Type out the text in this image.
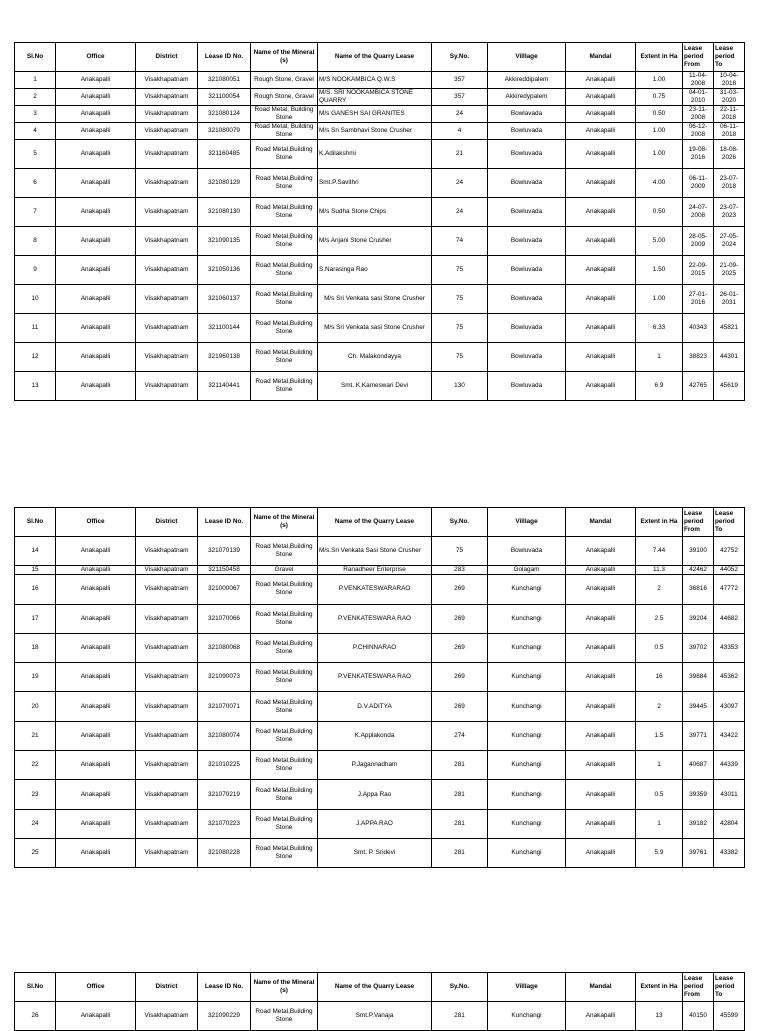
Sl.No	Office	District	Lease ID No.	Name of the Mineral (s)	Name of the Quarry Lease	Sy.No.	Villlage	Mandal	Extent in Ha	Lease period From	Lease period To
1	Anakapalli	Visakhapatnam	321080051	Rough Stone, Gravel	M/S NOOKAMBICA Q.W.S	357	Akkireddipalem	Anakapalli	1.00	11-04-2008	10-04-2018
2	Anakapalli	Visakhapatnam	321100054	Rough Stone, Gravel	M/S. SRI NOOKAMBICA STONE QUARRY	357	Akkiredypalem	Anakapalli	0.75	04-01-2010	31-03-2020
3	Anakapalli	Visakhapatnam	321080124	Road Metal, Building Stone	M/s GANESH SAI GRANITES	24	Bowlavada	Anakapalli	0.50	23-11-2008	22-11-2018
4	Anakapalli	Visakhapatnam	321080079	Road Metal, Building Stone	M/s Sri Sambhavi Stone Crusher	4	Bowluvada	Anakapalli	1.00	06-12-2008	06-11-2018
5	Anakapalli	Visakhapatnam	321160485	Road Metal,Building Stone	K.Adilakshmi	21	Bowluvada	Anakapalli	1.00	19-08-2016	18-08-2026
6	Anakapalli	Visakhapatnam	321080129	Road Metal,Building Stone	Smt.P.Savithri	24	Bowluvada	Anakapalli	4.00	06-11-2009	23-07-2018
7	Anakapalli	Visakhapatnam	321080130	Road Metal,Building Stone	M/s Sudha Stone Chips	24	Bowluvada	Anakapalli	0.50	24-07-2008	23-07-2023
8	Anakapalli	Visakhapatnam	321090135	Road Metal,Building Stone	M/s Anjani Stone Crusher	74	Bowluvada	Anakapalli	5.00	28-05-2009	27-05-2024
9	Anakapalli	Visakhapatnam	321050136	Road Metal,Building Stone	S.Narasinga Rao	75	Bowluvada	Anakapalli	1.50	22-09-2015	21-09-2025
10	Anakapalli	Visakhapatnam	321060137	Road Metal,Building Stone	M/s Sri Venkata sasi Stone Crusher	75	Bowluvada	Anakapalli	1.00	27-01-2016	26-01-2031
11	Anakapalli	Visakhapatnam	321100144	Road Metal,Building Stone	M/s Sri Venkata sasi Stone Crusher	75	Bowluvada	Anakapalli	6.33	40343	45821
12	Anakapalli	Visakhapatnam	321960138	Road Metal,Building Stone	Ch. Malakondayya	75	Bowluvada	Anakapalli	1	38823	44301
13	Anakapalli	Visakhapatnam	321140441	Road Metal,Building Stone	Smt. K.Kameswari Devi	130	Bowluvada	Anakapalli	6.9	42765	45619
Sl.No	Office	District	Lease ID No.	Name of the Mineral (s)	Name of the Quarry Lease	Sy.No.	Villlage	Mandal	Extent in Ha	Lease period From	Lease period To
14	Anakapalli	Visakhapatnam	321070139	Road Metal,Building Stone	M/s.Sri Venkata Sasi Stone Crusher	75	Bowluvada	Anakapalli	7.44	39100	42752
15	Anakapalli	Visakhapatnam	321150458	Gravel	Ranadheer Enterprise	283	Golagam	Anakapalli	11.3	42462	44052
16	Anakapalli	Visakhapatnam	321000067	Road Metal,Building Stone	P.VENKATESWARARAO	269	Kunchangi	Anakapalli	2	36816	47772
17	Anakapalli	Visakhapatnam	321070066	Road Metal,Building Stone	P.VENKATESWARA RAO	269	Kunchangi	Anakapalli	2.5	39204	44682
18	Anakapalli	Visakhapatnam	321080068	Road Metal,Building Stone	P.CHINNARAO	269	Kunchangi	Anakapalli	0.5	39702	43353
19	Anakapalli	Visakhapatnam	321090073	Road Metal,Building Stone	P.VENKATESWARA RAO	269	Kunchangi	Anakapalli	16	39884	45362
20	Anakapalli	Visakhapatnam	321070071	Road Metal,Building Stone	D.V.ADITYA	269	Kunchangi	Anakapalli	2	39445	43097
21	Anakapalli	Visakhapatnam	321080074	Road Metal,Building Stone	K.Applakonda	274	Kunchangi	Anakapalli	1.5	39771	43422
22	Anakapalli	Visakhapatnam	321010225	Road Metal,Building Stone	P.Jagannadham	281	Kunchangi	Anakapalli	1	40687	44339
23	Anakapalli	Visakhapatnam	321070219	Road Metal,Building Stone	J.Appa Rao	281	Kunchangi	Anakapalli	0.5	39359	43011
24	Anakapalli	Visakhapatnam	321070223	Road Metal,Building Stone	J.APPA RAO	281	Kunchangi	Anakapalli	1	39182	42804
25	Anakapalli	Visakhapatnam	321080228	Road Metal,Building Stone	Smt. P. Sridevi	281	Kunchangi	Anakapalli	5.9	39761	43382
Sl.No	Office	District	Lease ID No.	Name of the Mineral (s)	Name of the Quarry Lease	Sy.No.	Villlage	Mandal	Extent in Ha	Lease period From	Lease period To
26	Anakapalli	Visakhapatnam	321090229	Road Metal,Building Stone	Smt.P.Vanaja	281	Kunchangi	Anakapalli	13	40150	45599
